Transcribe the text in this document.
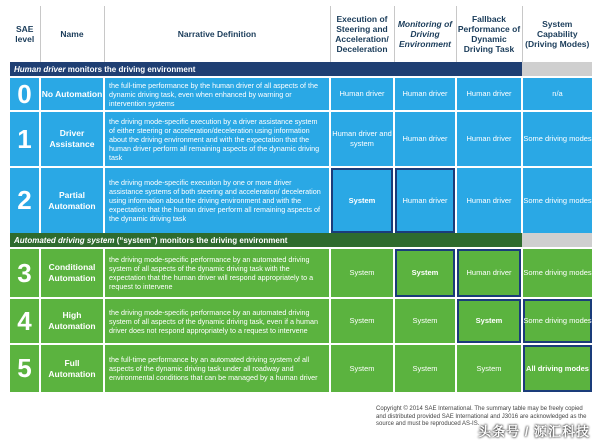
SAE level	Name	Narrative Definition	Execution of Steering and Acceleration/ Deceleration	Monitoring of Driving Environment	Fallback Performance of Dynamic Driving Task	System Capability (Driving Modes)
Human driver monitors the driving environment						
0	No Automation	the full-time performance by the human driver of all aspects of the dynamic driving task, even when enhanced by warning or intervention systems	Human driver	Human driver	Human driver	n/a
1	Driver Assistance	the driving mode-specific execution by a driver assistance system of either steering or acceleration/deceleration using information about the driving environment and with the expectation that the human driver perform all remaining aspects of the dynamic driving task	Human driver and system	Human driver	Human driver	Some driving modes
2	Partial Automation	the driving mode-specific execution by one or more driver assistance systems of both steering and acceleration/ deceleration using information about the driving environment and with the expectation that the human driver perform all remaining aspects of the dynamic driving task	System	Human driver	Human driver	Some driving modes
Automated driving system (“system”) monitors the driving environment						
3	Conditional Automation	the driving mode-specific performance by an automated driving system of all aspects of the dynamic driving task with the expectation that the human driver will respond appropriately to a request to intervene	System	System	Human driver	Some driving modes
4	High Automation	the driving mode-specific performance by an automated driving system of all aspects of the dynamic driving task, even if a human driver does not respond appropriately to a request to intervene	System	System	System	Some driving modes
5	Full Automation	the full-time performance by an automated driving system of all aspects of the dynamic driving task under all roadway and environmental conditions that can be managed by a human driver	System	System	System	All driving modes
Copyright © 2014 SAE International. The summary table may be freely copied and distributed provided SAE International and J3016 are acknowledged as the source and must be reproduced AS-IS.
头条号 / 源汇科技
